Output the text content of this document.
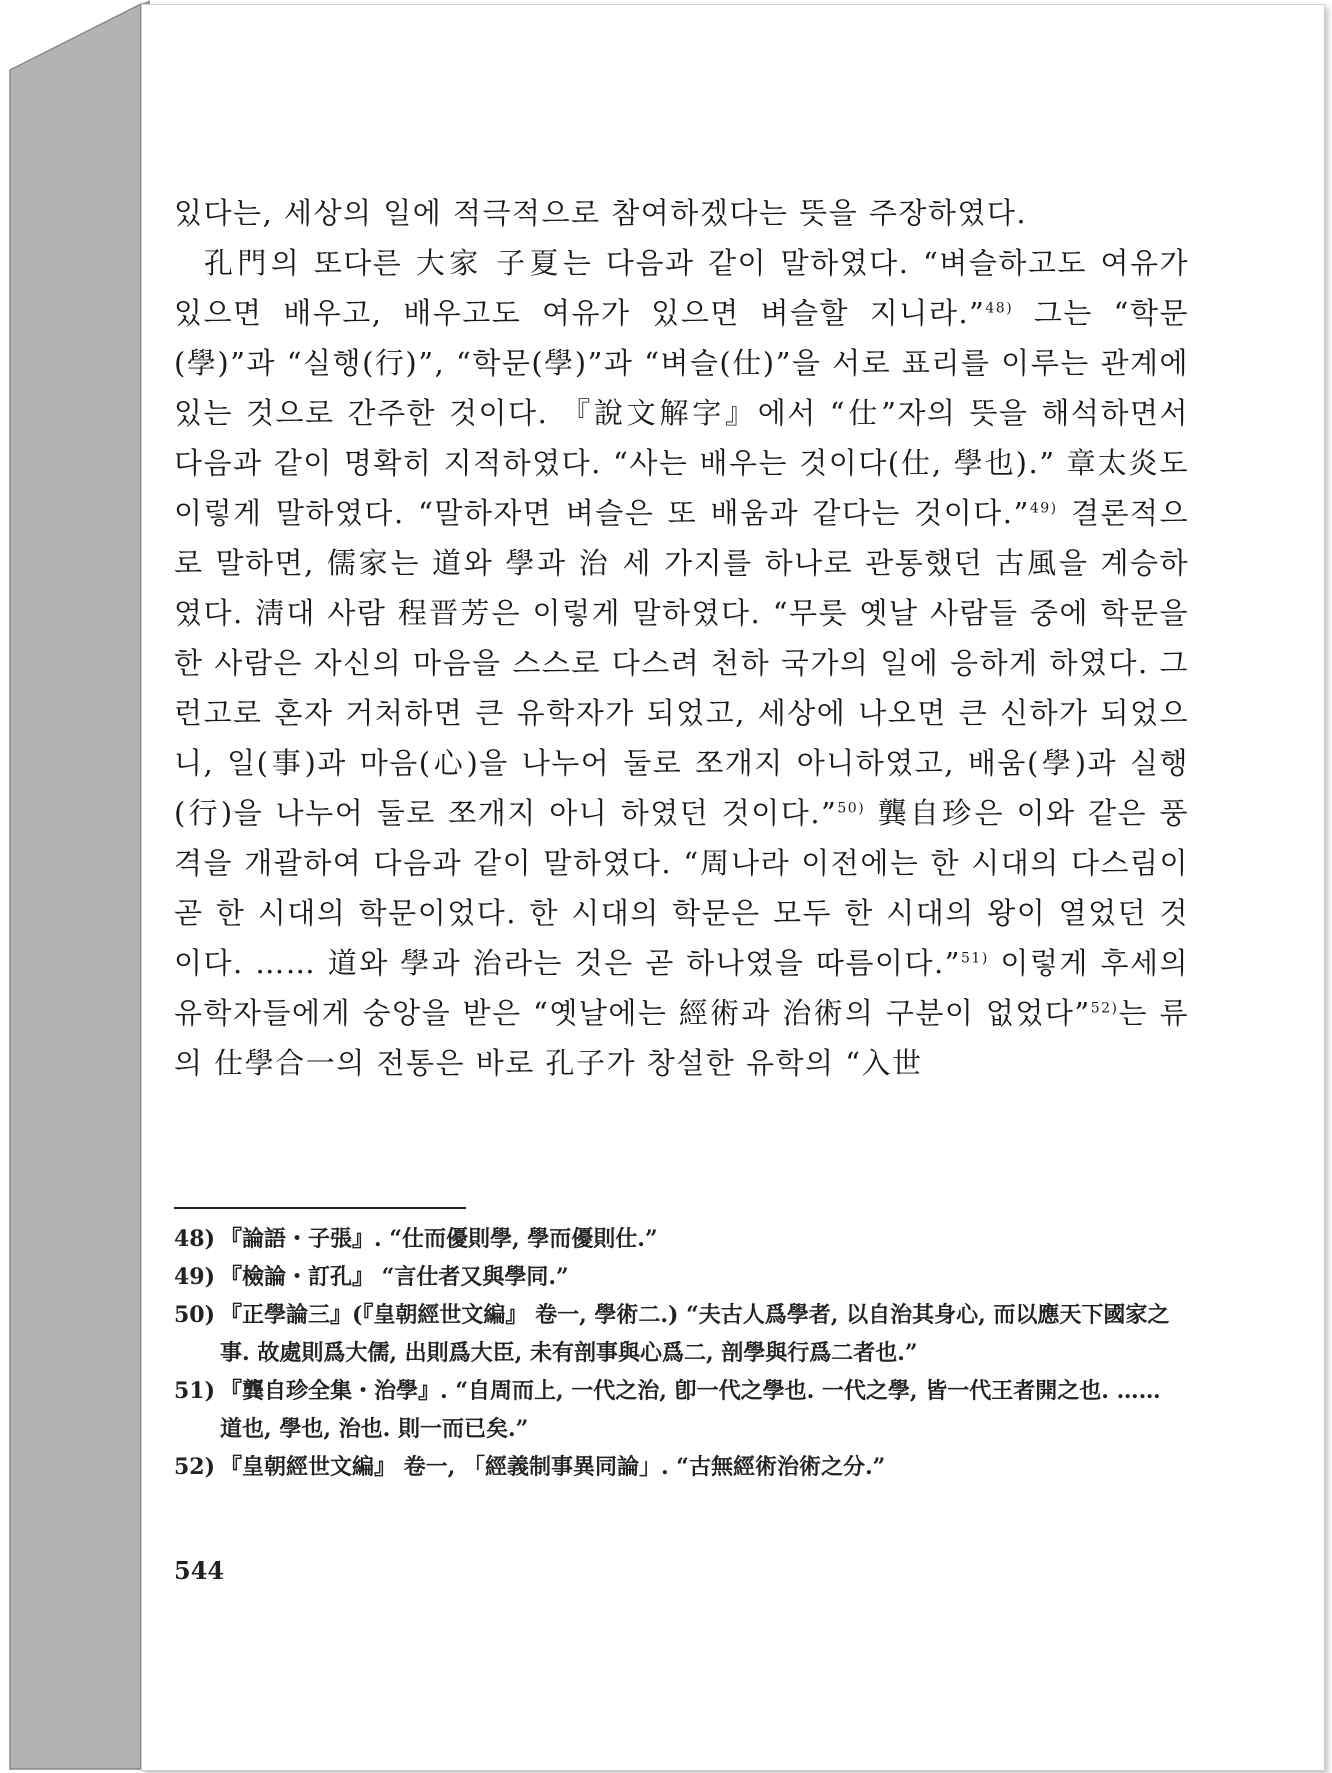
있다는, 세상의 일에 적극적으로 참여하겠다는 뜻을 주장하였다.

孔門의 또다른 大家 子夏는 다음과 같이 말하였다. “벼슬하고도 여유가 있으면 배우고, 배우고도 여유가 있으면 벼슬할 지니라.”$^{48)}$ 그는 “학문(學)”과 “실행(行)”, “학문(學)”과 “벼슬(仕)”을 서로 표리를 이루는 관계에 있는 것으로 간주한 것이다. 『說文解字』에서 “仕”자의 뜻을 해석하면서 다음과 같이 명확히 지적하였다. “사는 배우는 것이다(仕, 學也).” 章太炎도 이렇게 말하였다. “말하자면 벼슬은 또 배움과 같다는 것이다.”$^{49)}$ 결론적으로 말하면, 儒家는 道와 學과 治 세 가지를 하나로 관통했던 古風을 계승하였다. 淸대 사람 程晋芳은 이렇게 말하였다. “무릇 옛날 사람들 중에 학문을 한 사람은 자신의 마음을 스스로 다스려 천하 국가의 일에 응하게 하였다. 그런고로 혼자 거처하면 큰 유학자가 되었고, 세상에 나오면 큰 신하가 되었으니, 일(事)과 마음(心)을 나누어 둘로 쪼개지 아니하였고, 배움(學)과 실행(行)을 나누어 둘로 쪼개지 아니 하였던 것이다.”$^{50)}$ 龔自珍은 이와 같은 풍격을 개괄하여 다음과 같이 말하였다. “周나라 이전에는 한 시대의 다스림이 곧 한 시대의 학문이었다. 한 시대의 학문은 모두 한 시대의 왕이 열었던 것이다. …… 道와 學과 治라는 것은 곧 하나였을 따름이다.”$^{51)}$ 이렇게 후세의 유학자들에게 숭앙을 받은 “옛날에는 經術과 治術의 구분이 없었다”$^{52)}$는 류의 仕學合一의 전통은 바로 孔子가 창설한 유학의 “入世

48) 『論語・子張』. “仕而優則學, 學而優則仕.”
49) 『檢論・訂孔』 “言仕者又與學同.”
50) 『正學論三』(『皇朝經世文編』 卷一, 學術二.) “夫古人爲學者, 以自治其身心, 而以應天下國家之事. 故處則爲大儒, 出則爲大臣, 未有剖事與心爲二, 剖學與行爲二者也.”
51) 『龔自珍全集・治學』. “自周而上, 一代之治, 卽一代之學也. 一代之學, 皆一代王者開之也. …… 道也, 學也, 治也. 則一而已矣.”
52) 『皇朝經世文編』 卷一, 「經義制事異同論」. “古無經術治術之分.”
544
